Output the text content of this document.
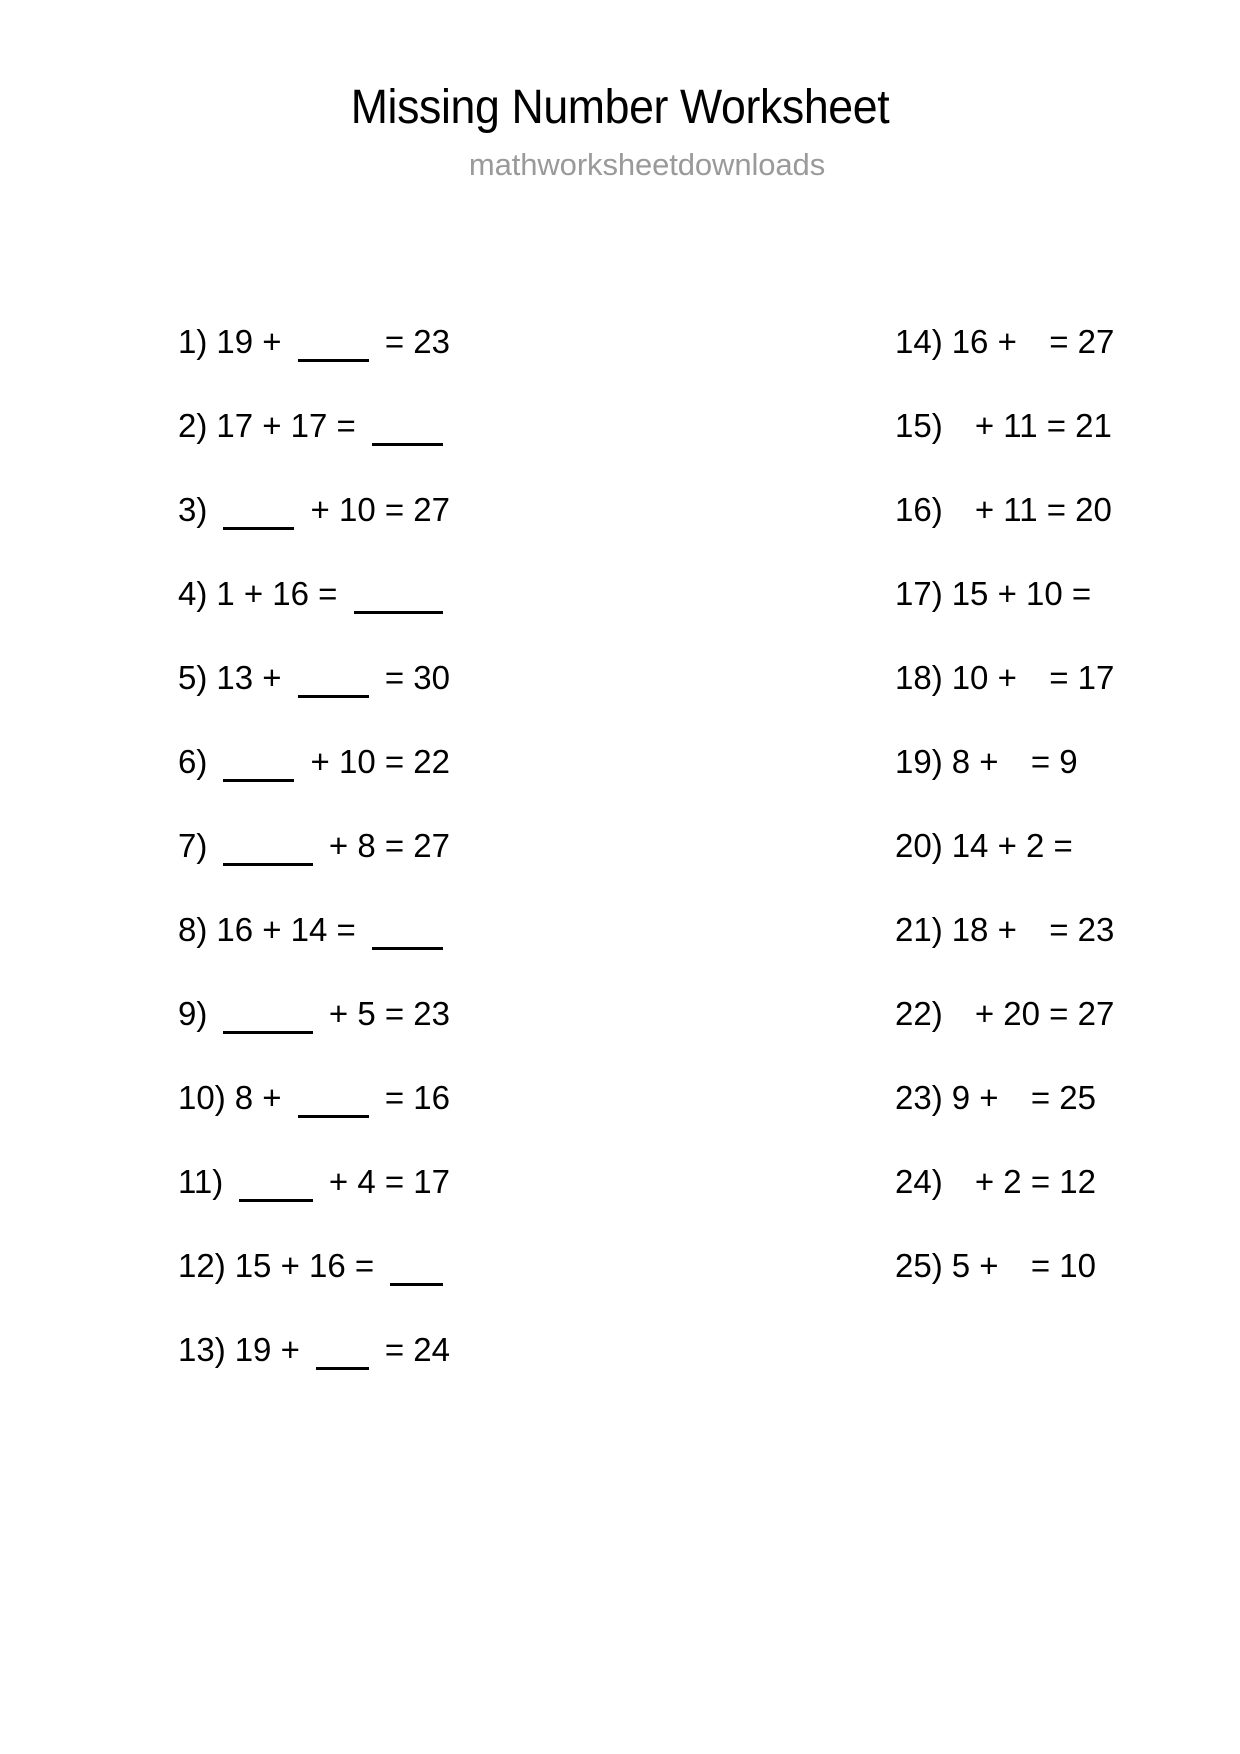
Missing Number Worksheet
mathworksheetdownloads
1) 19 +	= 23
2) 17 + 17 =
3)	+ 10 = 27
4) 1 + 16 =
5) 13 +	= 30
6)	+ 10 = 22
7)	+ 8 = 27
8) 16 + 14 =
9)	+ 5 = 23
10) 8 +	= 16
11)	+ 4 = 17
12) 15 + 16 =
13) 19 + = 24
14) 16 + = 27
15) + 11 = 21
16) + 11 = 20
17) 15 + 10 =
18) 10 + = 17
19) 8 + = 9
20) 14 + 2 =
21) 18 + = 23
22) + 20 = 27
23) 9 + = 25
24) + 2 = 12
25) 5 + = 10
